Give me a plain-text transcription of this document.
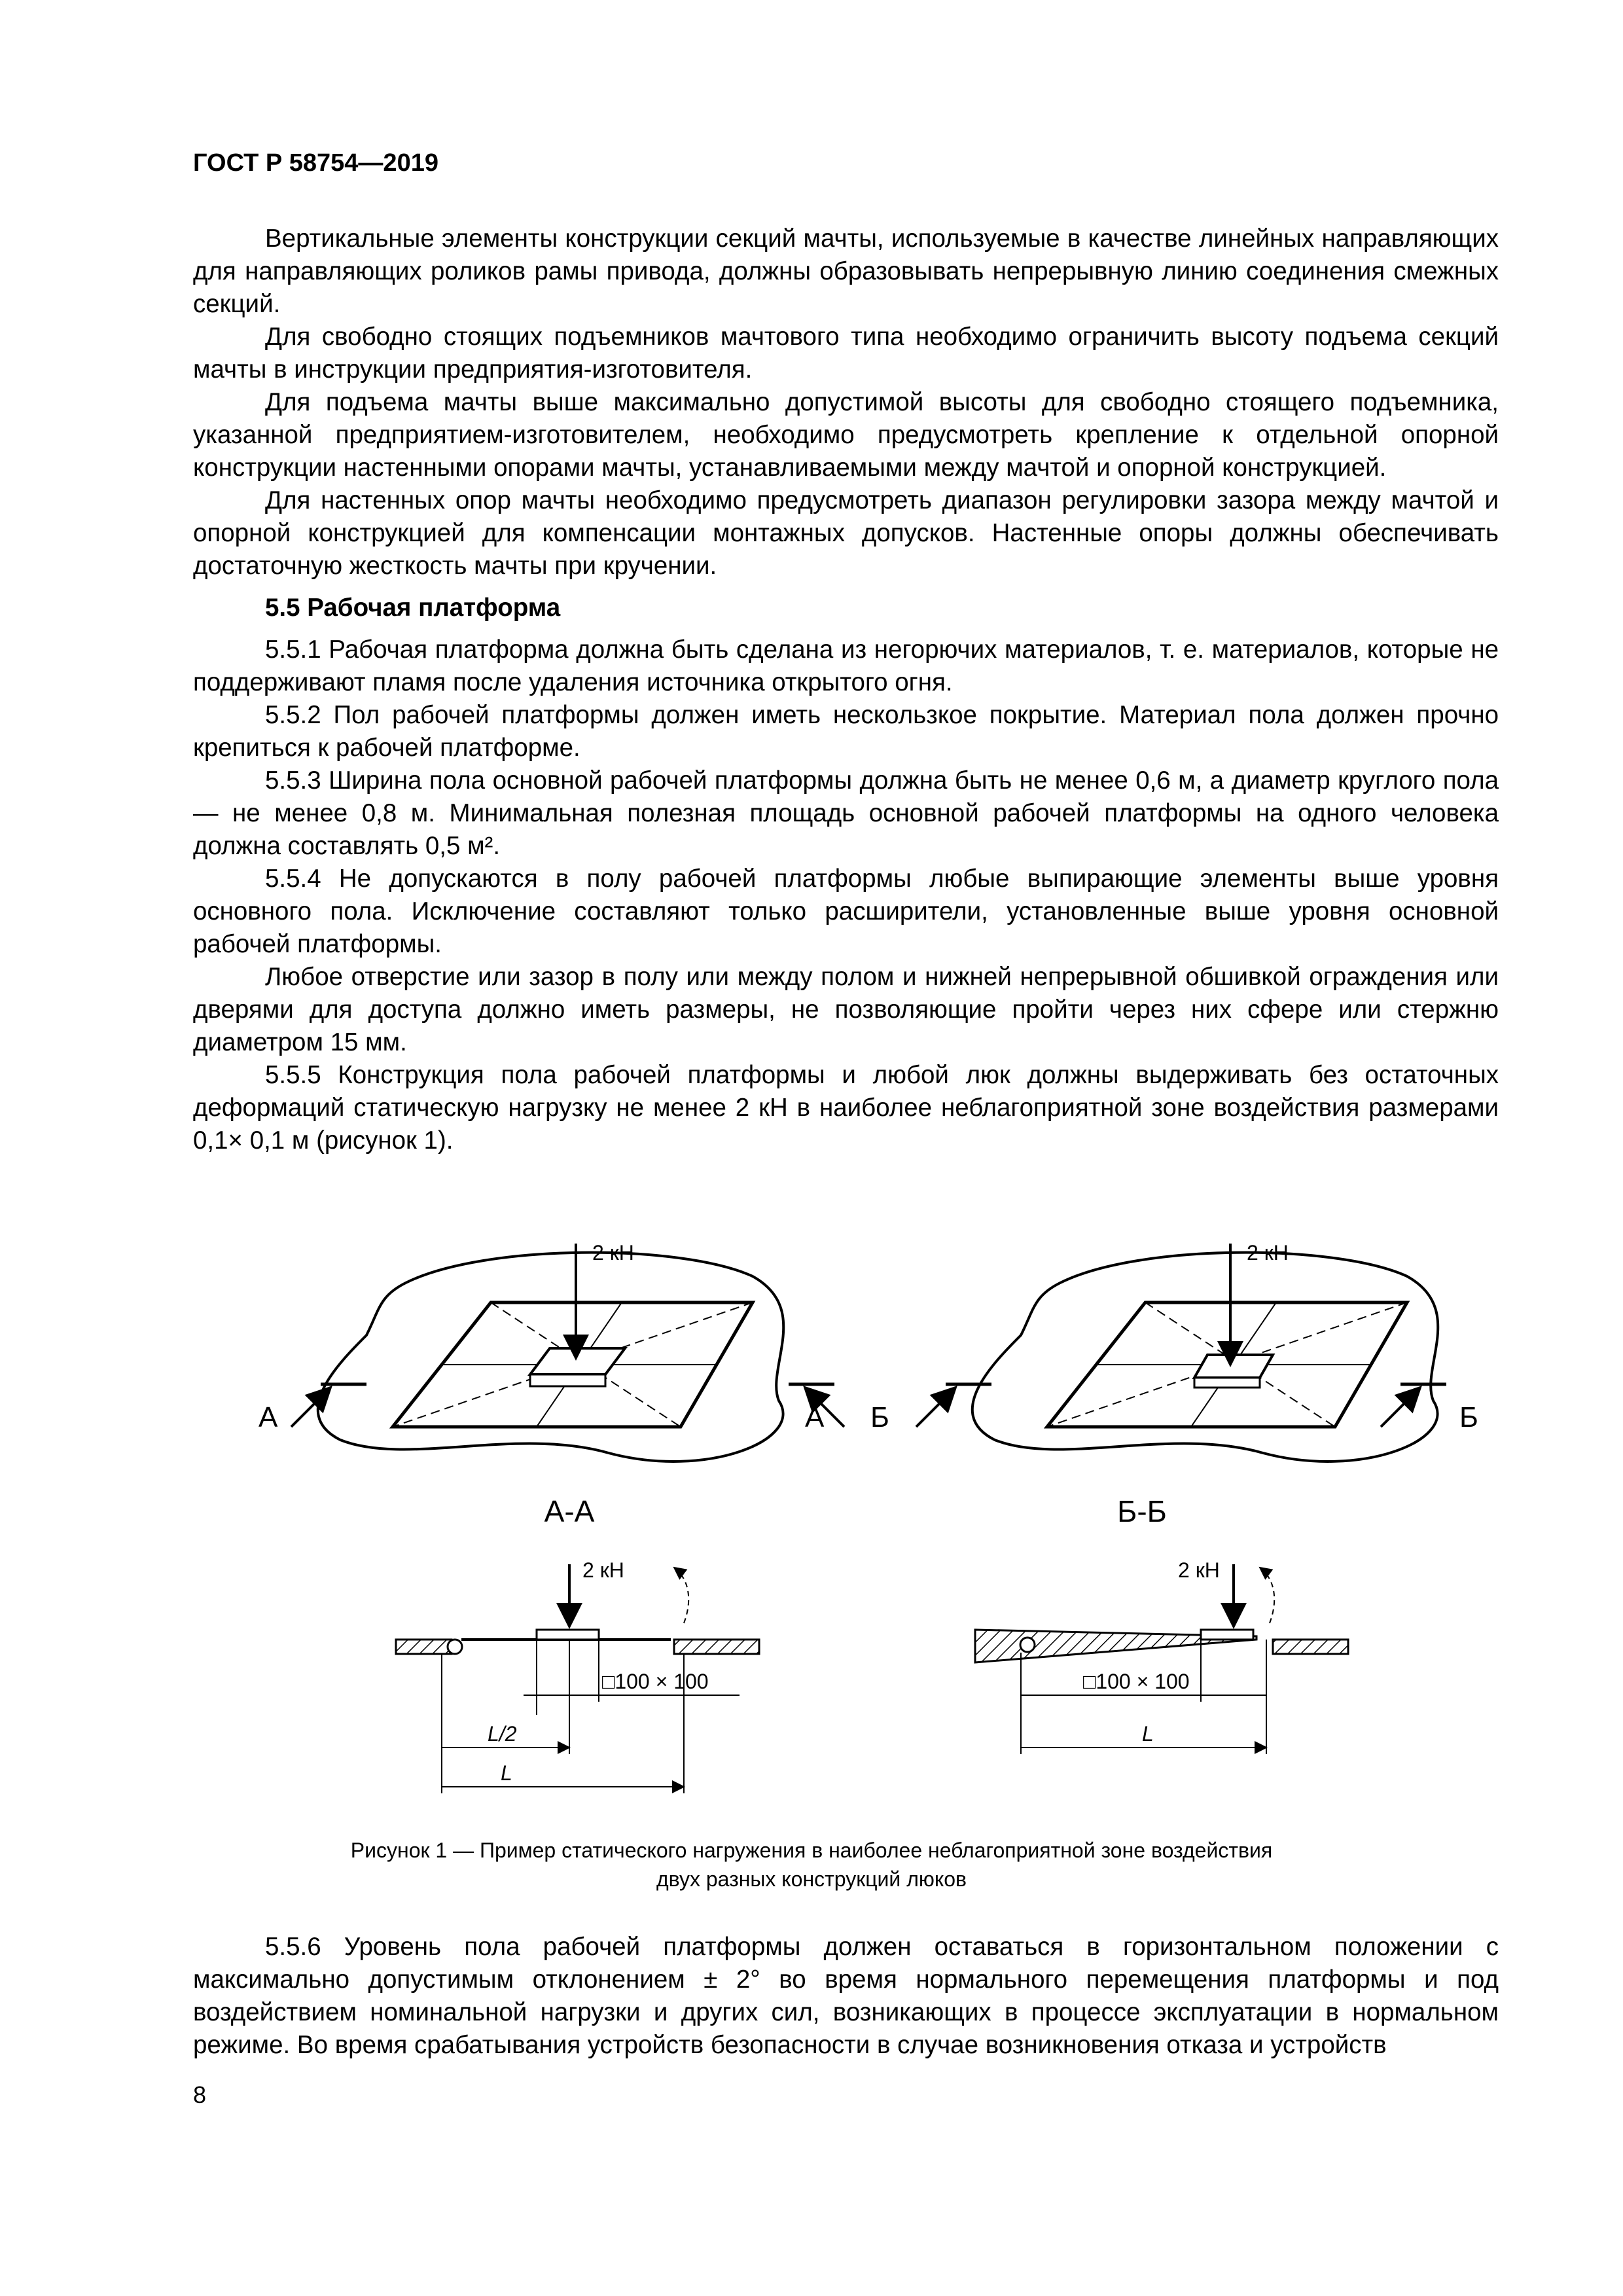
ГОСТ Р 58754—2019

Вертикальные элементы конструкции секций мачты, используемые в качестве линейных направляющих для направляющих роликов рамы привода, должны образовывать непрерывную линию соединения смежных секций.

Для свободно стоящих подъемников мачтового типа необходимо ограничить высоту подъема секций мачты в инструкции предприятия-изготовителя.

Для подъема мачты выше максимально допустимой высоты для свободно стоящего подъемника, указанной предприятием-изготовителем, необходимо предусмотреть крепление к отдельной опорной конструкции настенными опорами мачты, устанавливаемыми между мачтой и опорной конструкцией.

Для настенных опор мачты необходимо предусмотреть диапазон регулировки зазора между мачтой и опорной конструкцией для компенсации монтажных допусков. Настенные опоры должны обеспечивать достаточную жесткость мачты при кручении.

5.5 Рабочая платформа

5.5.1 Рабочая платформа должна быть сделана из негорючих материалов, т. е. материалов, которые не поддерживают пламя после удаления источника открытого огня.

5.5.2 Пол рабочей платформы должен иметь нескользкое покрытие. Материал пола должен прочно крепиться к рабочей платформе.

5.5.3 Ширина пола основной рабочей платформы должна быть не менее 0,6 м, а диаметр круглого пола — не менее 0,8 м. Минимальная полезная площадь основной рабочей платформы на одного человека должна составлять 0,5 м².

5.5.4 Не допускаются в полу рабочей платформы любые выпирающие элементы выше уровня основного пола. Исключение составляют только расширители, установленные выше уровня основной рабочей платформы.

Любое отверстие или зазор в полу или между полом и нижней непрерывной обшивкой ограждения или дверями для доступа должно иметь размеры, не позволяющие пройти через них сфере или стержню диаметром 15 мм.

5.5.5 Конструкция пола рабочей платформы и любой люк должны выдерживать без остаточных деформаций статическую нагрузку не менее 2 кН в наиболее неблагоприятной зоне воздействия размерами 0,1× 0,1 м (рисунок 1).

2 кН
А	А
2 кН
Б	Б
А-А	Б-Б
2 кН
□100 × 100
L/2
L
2 кН
□100 × 100
L
Рисунок 1 — Пример статического нагружения в наиболее неблагоприятной зоне воздействия
двух разных конструкций люков

5.5.6 Уровень пола рабочей платформы должен оставаться в горизонтальном положении с максимально допустимым отклонением ± 2° во время нормального перемещения платформы и под воздействием номинальной нагрузки и других сил, возникающих в процессе эксплуатации в нормальном режиме. Во время срабатывания устройств безопасности в случае возникновения отказа и устройств

8
